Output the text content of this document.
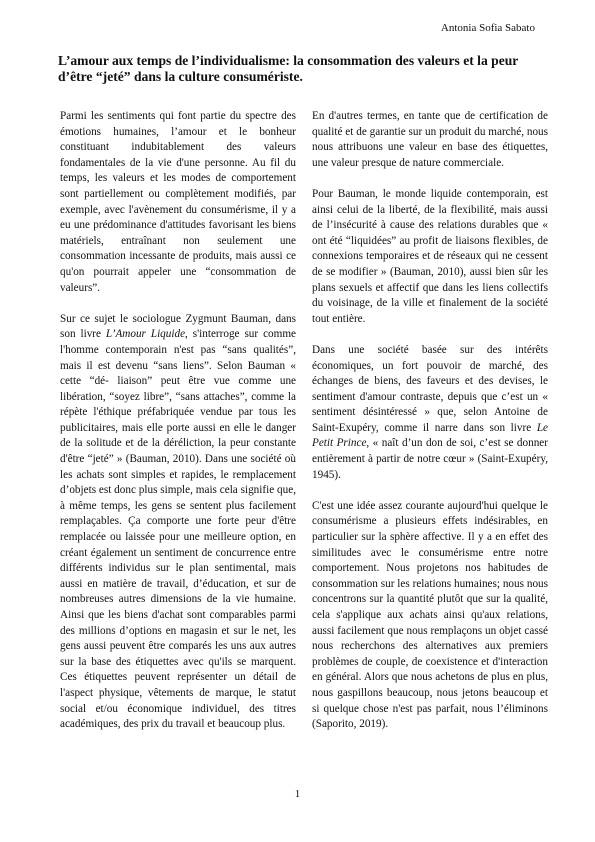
Antonia Sofia Sabato
L’amour aux temps de l’individualisme: la consommation des valeurs et la peur d’être “jeté” dans la culture consuméristе.

Parmi les sentiments qui font partie du spectre des émotions humaines, l’amour et le bonheur constituant indubitablement des valeurs fondamentales de la vie d'une personne. Au fil du temps, les valeurs et les modes de comportement sont partiellement ou complètement modifiés, par exemple, avec l'avènement du consumérisme, il y a eu une prédominance d'attitudes favorisant les biens matériels, entraînant non seulement une consommation incessante de produits, mais aussi ce qu'on pourrait appeler une “consommation de valeurs”.

Sur ce sujet le sociologue Zygmunt Bauman, dans son livre L’Amour Liquide, s'interroge sur comme l'homme contemporain n'est pas “sans qualités”, mais il est devenu “sans liens”. Selon Bauman « cette “dé- liaison” peut être vue comme une libération, “soyez libre”, “sans attaches”, comme la répète l'éthique préfabriquée vendue par tous les publicitaires, mais elle porte aussi en elle le danger de la solitude et de la déréliction, la peur constante d'être “jeté” » (Bauman, 2010). Dans une société où les achats sont simples et rapides, le remplacement d’objets est donc plus simple, mais cela signifie que, à même temps, les gens se sentent plus facilement remplaçables. Ça comporte une forte peur d'être remplacée ou laissée pour une meilleure option, en créant également un sentiment de concurrence entre différents individus sur le plan sentimental, mais aussi en matière de travail, d’éducation, et sur de nombreuses autres dimensions de la vie humaine. Ainsi que les biens d'achat sont comparables parmi des millions d’options en magasin et sur le net, les gens aussi peuvent être comparés les uns aux autres sur la base des étiquettes avec qu'ils se marquent. Ces étiquettes peuvent représenter un détail de l'aspect physique, vêtements de marque, le statut social et/ou économique individuel, des titres académiques, des prix du travail et beaucoup plus.

En d'autres termes, en tante que de certification de qualité et de garantie sur un produit du marché, nous nous attribuons une valeur en base des étiquettes, une valeur presque de nature commerciale.

Pour Bauman, le monde liquide contemporain, est ainsi celui de la liberté, de la flexibilité, mais aussi de l’insécurité à cause des relations durables que « ont été “liquidées” au profit de liaisons flexibles, de connexions temporaires et de réseaux qui ne cessent de se modifier » (Bauman, 2010), aussi bien sûr les plans sexuels et affectif que dans les liens collectifs du voisinage, de la ville et finalement de la société tout entière.

Dans une société basée sur des intérêts économiques, un fort pouvoir de marché, des échanges de biens, des faveurs et des devises, le sentiment d'amour contraste, depuis que c’est un « sentiment désintéressé » que, selon Antoine de Saint-Exupéry, comme il narre dans son livre Le Petit Prince, « naît d’un don de soi, c’est se donner entièrement à partir de notre cœur » (Saint-Exupéry, 1945).

C'est une idée assez courante aujourd'hui quelque le consumérisme a plusieurs effets indésirables, en particulier sur la sphère affective. Il y a en effet des similitudes avec le consumérisme entre notre comportement. Nous projetons nos habitudes de consommation sur les relations humaines; nous nous concentrons sur la quantité plutôt que sur la qualité, cela s'applique aux achats ainsi qu'aux relations, aussi facilement que nous remplaçons un objet cassé nous recherchons des alternatives aux premiers problèmes de couple, de coexistence et d'interaction en général. Alors que nous achetons de plus en plus, nous gaspillons beaucoup, nous jetons beaucoup et si quelque chose n'est pas parfait, nous l’éliminons (Saporito, 2019).

1
